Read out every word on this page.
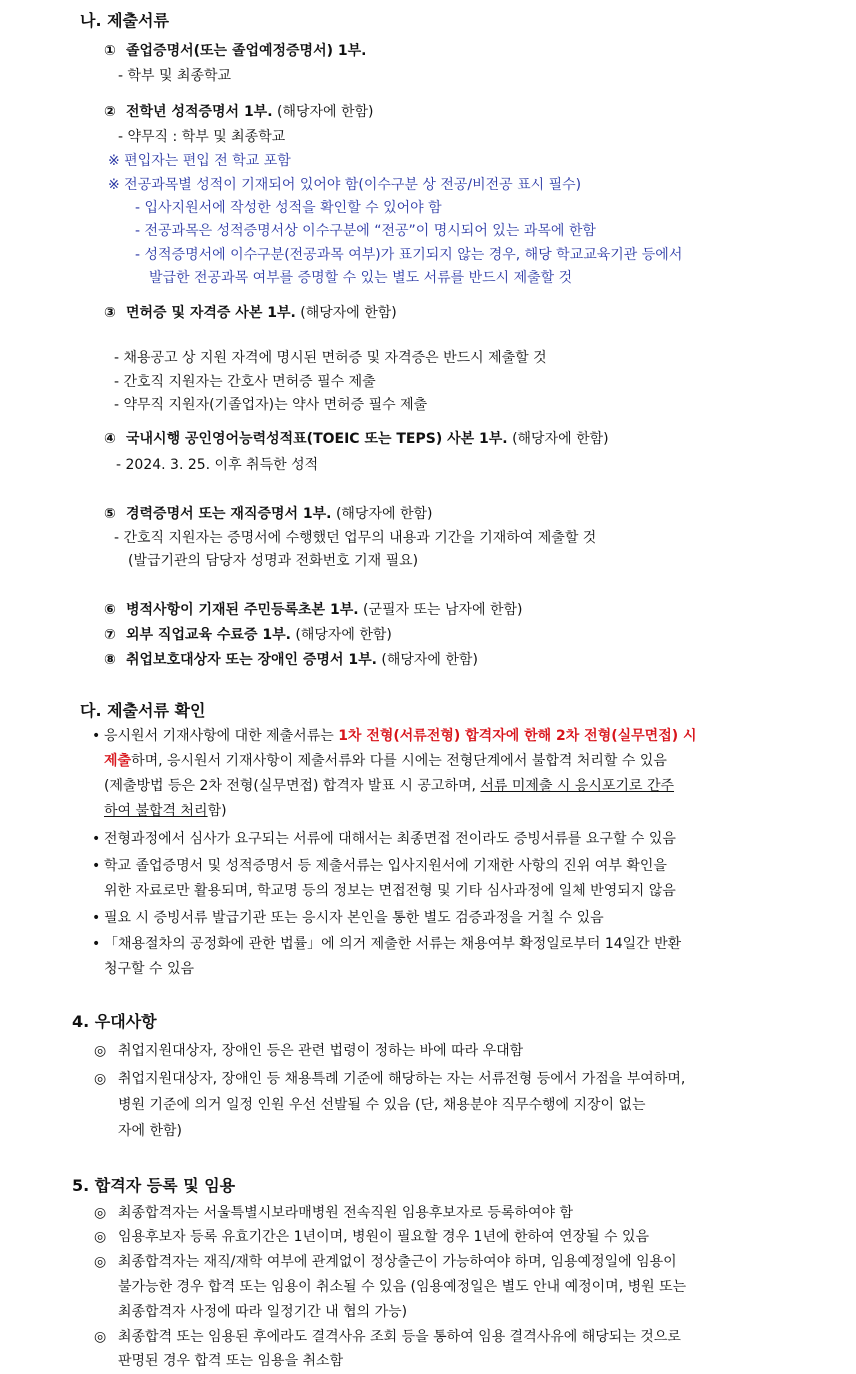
나. 제출서류
① 졸업증명서(또는 졸업예정증명서) 1부.
- 학부 및 최종학교
② 전학년 성적증명서 1부. (해당자에 한함)
- 약무직 : 학부 및 최종학교
※ 편입자는 편입 전 학교 포함
※ 전공과목별 성적이 기재되어 있어야 함(이수구분 상 전공/비전공 표시 필수)
- 입사지원서에 작성한 성적을 확인할 수 있어야 함
- 전공과목은 성적증명서상 이수구분에 “전공”이 명시되어 있는 과목에 한함
- 성적증명서에 이수구분(전공과목 여부)가 표기되지 않는 경우, 해당 학교교육기관 등에서
발급한 전공과목 여부를 증명할 수 있는 별도 서류를 반드시 제출할 것
③ 면허증 및 자격증 사본 1부. (해당자에 한함)
- 채용공고 상 지원 자격에 명시된 면허증 및 자격증은 반드시 제출할 것
- 간호직 지원자는 간호사 면허증 필수 제출
- 약무직 지원자(기졸업자)는 약사 면허증 필수 제출
④ 국내시행 공인영어능력성적표(TOEIC 또는 TEPS) 사본 1부. (해당자에 한함)
- 2024. 3. 25. 이후 취득한 성적
⑤ 경력증명서 또는 재직증명서 1부. (해당자에 한함)
- 간호직 지원자는 증명서에 수행했던 업무의 내용과 기간을 기재하여 제출할 것
(발급기관의 담당자 성명과 전화번호 기재 필요)
⑥ 병적사항이 기재된 주민등록초본 1부. (군필자 또는 남자에 한함)
⑦ 외부 직업교육 수료증 1부. (해당자에 한함)
⑧ 취업보호대상자 또는 장애인 증명서 1부. (해당자에 한함)
다. 제출서류 확인
• 응시원서 기재사항에 대한 제출서류는 1차 전형(서류전형) 합격자에 한해 2차 전형(실무면접) 시
제출하며, 응시원서 기재사항이 제출서류와 다를 시에는 전형단계에서 불합격 처리할 수 있음
(제출방법 등은 2차 전형(실무면접) 합격자 발표 시 공고하며, 서류 미제출 시 응시포기로 간주
하여 불합격 처리함)
• 전형과정에서 심사가 요구되는 서류에 대해서는 최종면접 전이라도 증빙서류를 요구할 수 있음
• 학교 졸업증명서 및 성적증명서 등 제출서류는 입사지원서에 기재한 사항의 진위 여부 확인을
위한 자료로만 활용되며, 학교명 등의 정보는 면접전형 및 기타 심사과정에 일체 반영되지 않음
• 필요 시 증빙서류 발급기관 또는 응시자 본인을 통한 별도 검증과정을 거칠 수 있음
• 「채용절차의 공정화에 관한 법률」에 의거 제출한 서류는 채용여부 확정일로부터 14일간 반환
청구할 수 있음
4. 우대사항
◎ 취업지원대상자, 장애인 등은 관련 법령이 정하는 바에 따라 우대함
◎ 취업지원대상자, 장애인 등 채용특례 기준에 해당하는 자는 서류전형 등에서 가점을 부여하며,
병원 기준에 의거 일정 인원 우선 선발될 수 있음 (단, 채용분야 직무수행에 지장이 없는
자에 한함)
5. 합격자 등록 및 임용
◎ 최종합격자는 서울특별시보라매병원 전속직원 임용후보자로 등록하여야 함
◎ 임용후보자 등록 유효기간은 1년이며, 병원이 필요할 경우 1년에 한하여 연장될 수 있음
◎ 최종합격자는 재직/재학 여부에 관계없이 정상출근이 가능하여야 하며, 임용예정일에 임용이
불가능한 경우 합격 또는 임용이 취소될 수 있음 (임용예정일은 별도 안내 예정이며, 병원 또는
최종합격자 사정에 따라 일정기간 내 협의 가능)
◎ 최종합격 또는 임용된 후에라도 결격사유 조회 등을 통하여 임용 결격사유에 해당되는 것으로
판명된 경우 합격 또는 임용을 취소함
